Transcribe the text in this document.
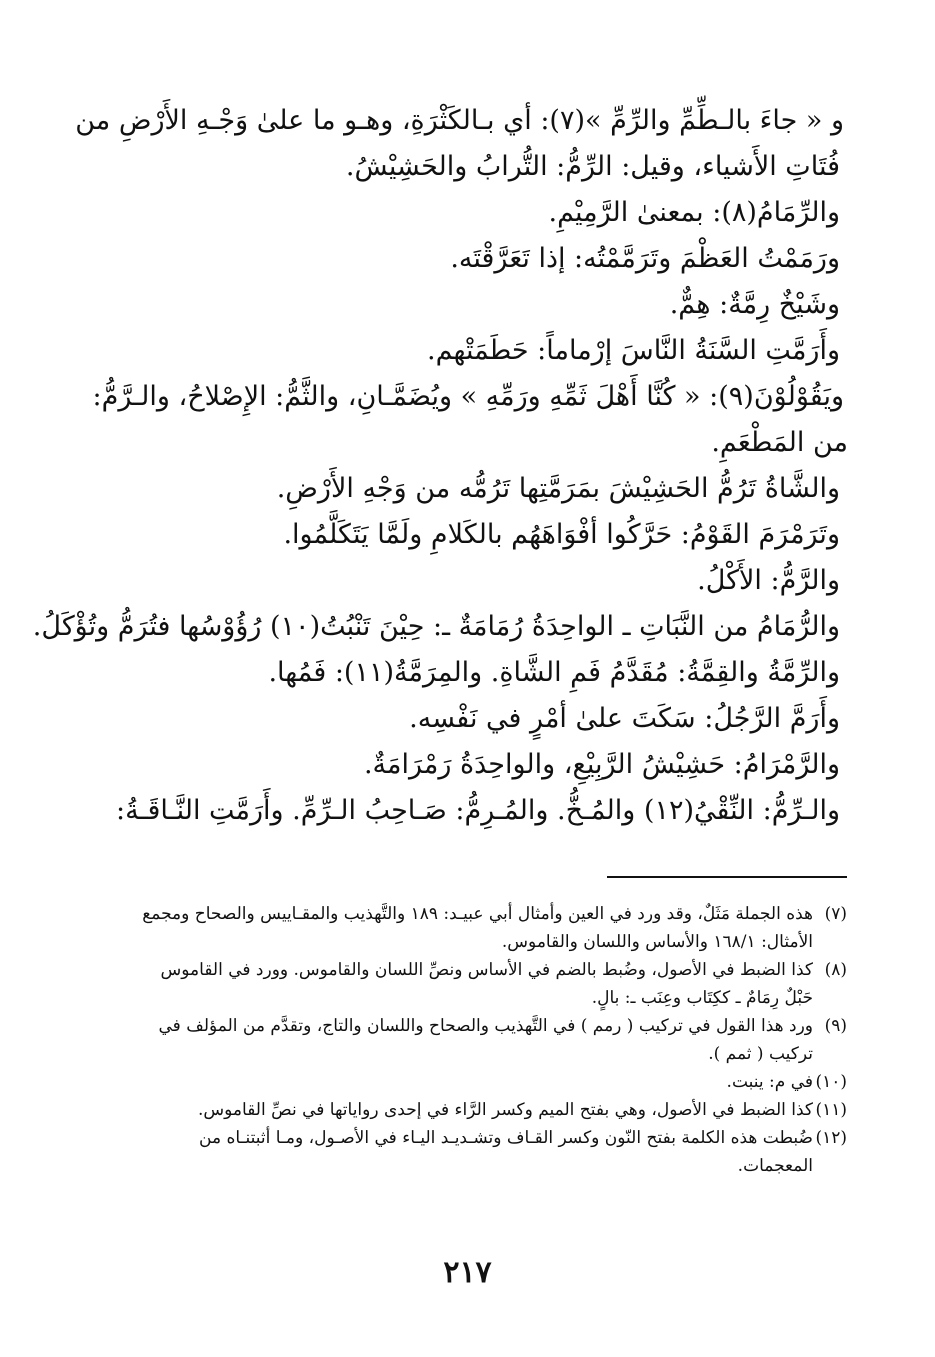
و « جاءَ بالـطِّمِّ والرِّمِّ »(٧): أي بـالكَثْرَةِ، وهـو ما علىٰ وَجْـهِ الأَرْضِ من
فُتَاتِ الأَشياء، وقيل: الرِّمُّ: التُّرابُ والحَشِيْشُ.
والرِّمَامُ(٨): بمعنىٰ الرَّمِيْمِ.
ورَمَمْتُ العَظْمَ وتَرَمَّمْتُه: إذا تَعَرَّقْتَه.
وشَيْخٌ رِمَّةٌ: هِمٌّ.
وأَرَمَّتِ السَّنَةُ النَّاسَ إرْماماً: حَطَمَتْهم.
ويَقُوْلُوْنَ(٩): « كُنَّا أَهْلَ ثَمِّهِ ورَمِّهِ » ويُضَمَّـانِ، والثَّمُّ: الإِصْلاحُ، والـرَّمُّ:
من المَطْعَمِ.
والشَّاةُ تَرُمُّ الحَشِيْشَ بمَرَمَّتِها تَرُمُّه من وَجْهِ الأَرْضِ.
وتَرَمْرَمَ القَوْمُ: حَرَّكُوا أفْوَاهَهُم بالكَلامِ ولَمَّا يَتَكَلَّمُوا.
والرَّمُّ: الأَكْلُ.
والرُّمَامُ من النَّبَاتِ ـ الواحِدَةُ رُمَامَةٌ ـ: حِيْنَ تَنْبُتُ(١٠) رُؤُوْسُها فتُرَمُّ وتُؤْكَلُ.
والرِّمَّةُ والقِمَّةُ: مُقَدَّمُ فَمِ الشَّاةِ. والمِرَمَّةُ(١١): فَمُها.
وأَرَمَّ الرَّجُلُ: سَكَتَ علىٰ أمْرٍ في نَفْسِه.
والرَّمْرَامُ: حَشِيْشُ الرَّبِيْعِ، والواحِدَةُ رَمْرَامَةٌ.
والـرِّمُّ: النِّقْيُ(١٢) والمُـخُّ. والمُـرِمُّ: صَـاحِبُ الـرِّمِّ. وأَرَمَّتِ النَّـاقَـةُ:
(٧)
هذه الجملة مَثَلٌ، وقد ورد في العين وأمثال أبي عبيـد: ١٨٩ والتَّهذيب والمقـاييس والصحاح ومجمع الأمثال: ١٦٨/١ والأساس واللسان والقاموس.
(٨)
كذا الضبط في الأصول، وضُبط بالضم في الأساس ونصِّ اللسان والقاموس. وورد في القاموس حَبْلٌ رِمَامٌ ـ ككِتَاب وعِنَب ـ: بالٍ.
(٩)
ورد هذا القول في تركيب ( رمم ) في التَّهذيب والصحاح واللسان والتاج، وتقدَّم من المؤلف في تركيب ( ثمم ).
(١٠)
في م: ينبت.
(١١)
كذا الضبط في الأصول، وهي بفتح الميم وكسر الرَّاء في إحدى رواياتها في نصِّ القاموس.
(١٢)
ضُبطت هذه الكلمة بفتح النّون وكسر القـاف وتشـديـد اليـاء في الأصـول، ومـا أثبتنـاه من المعجمات.
٢١٧
